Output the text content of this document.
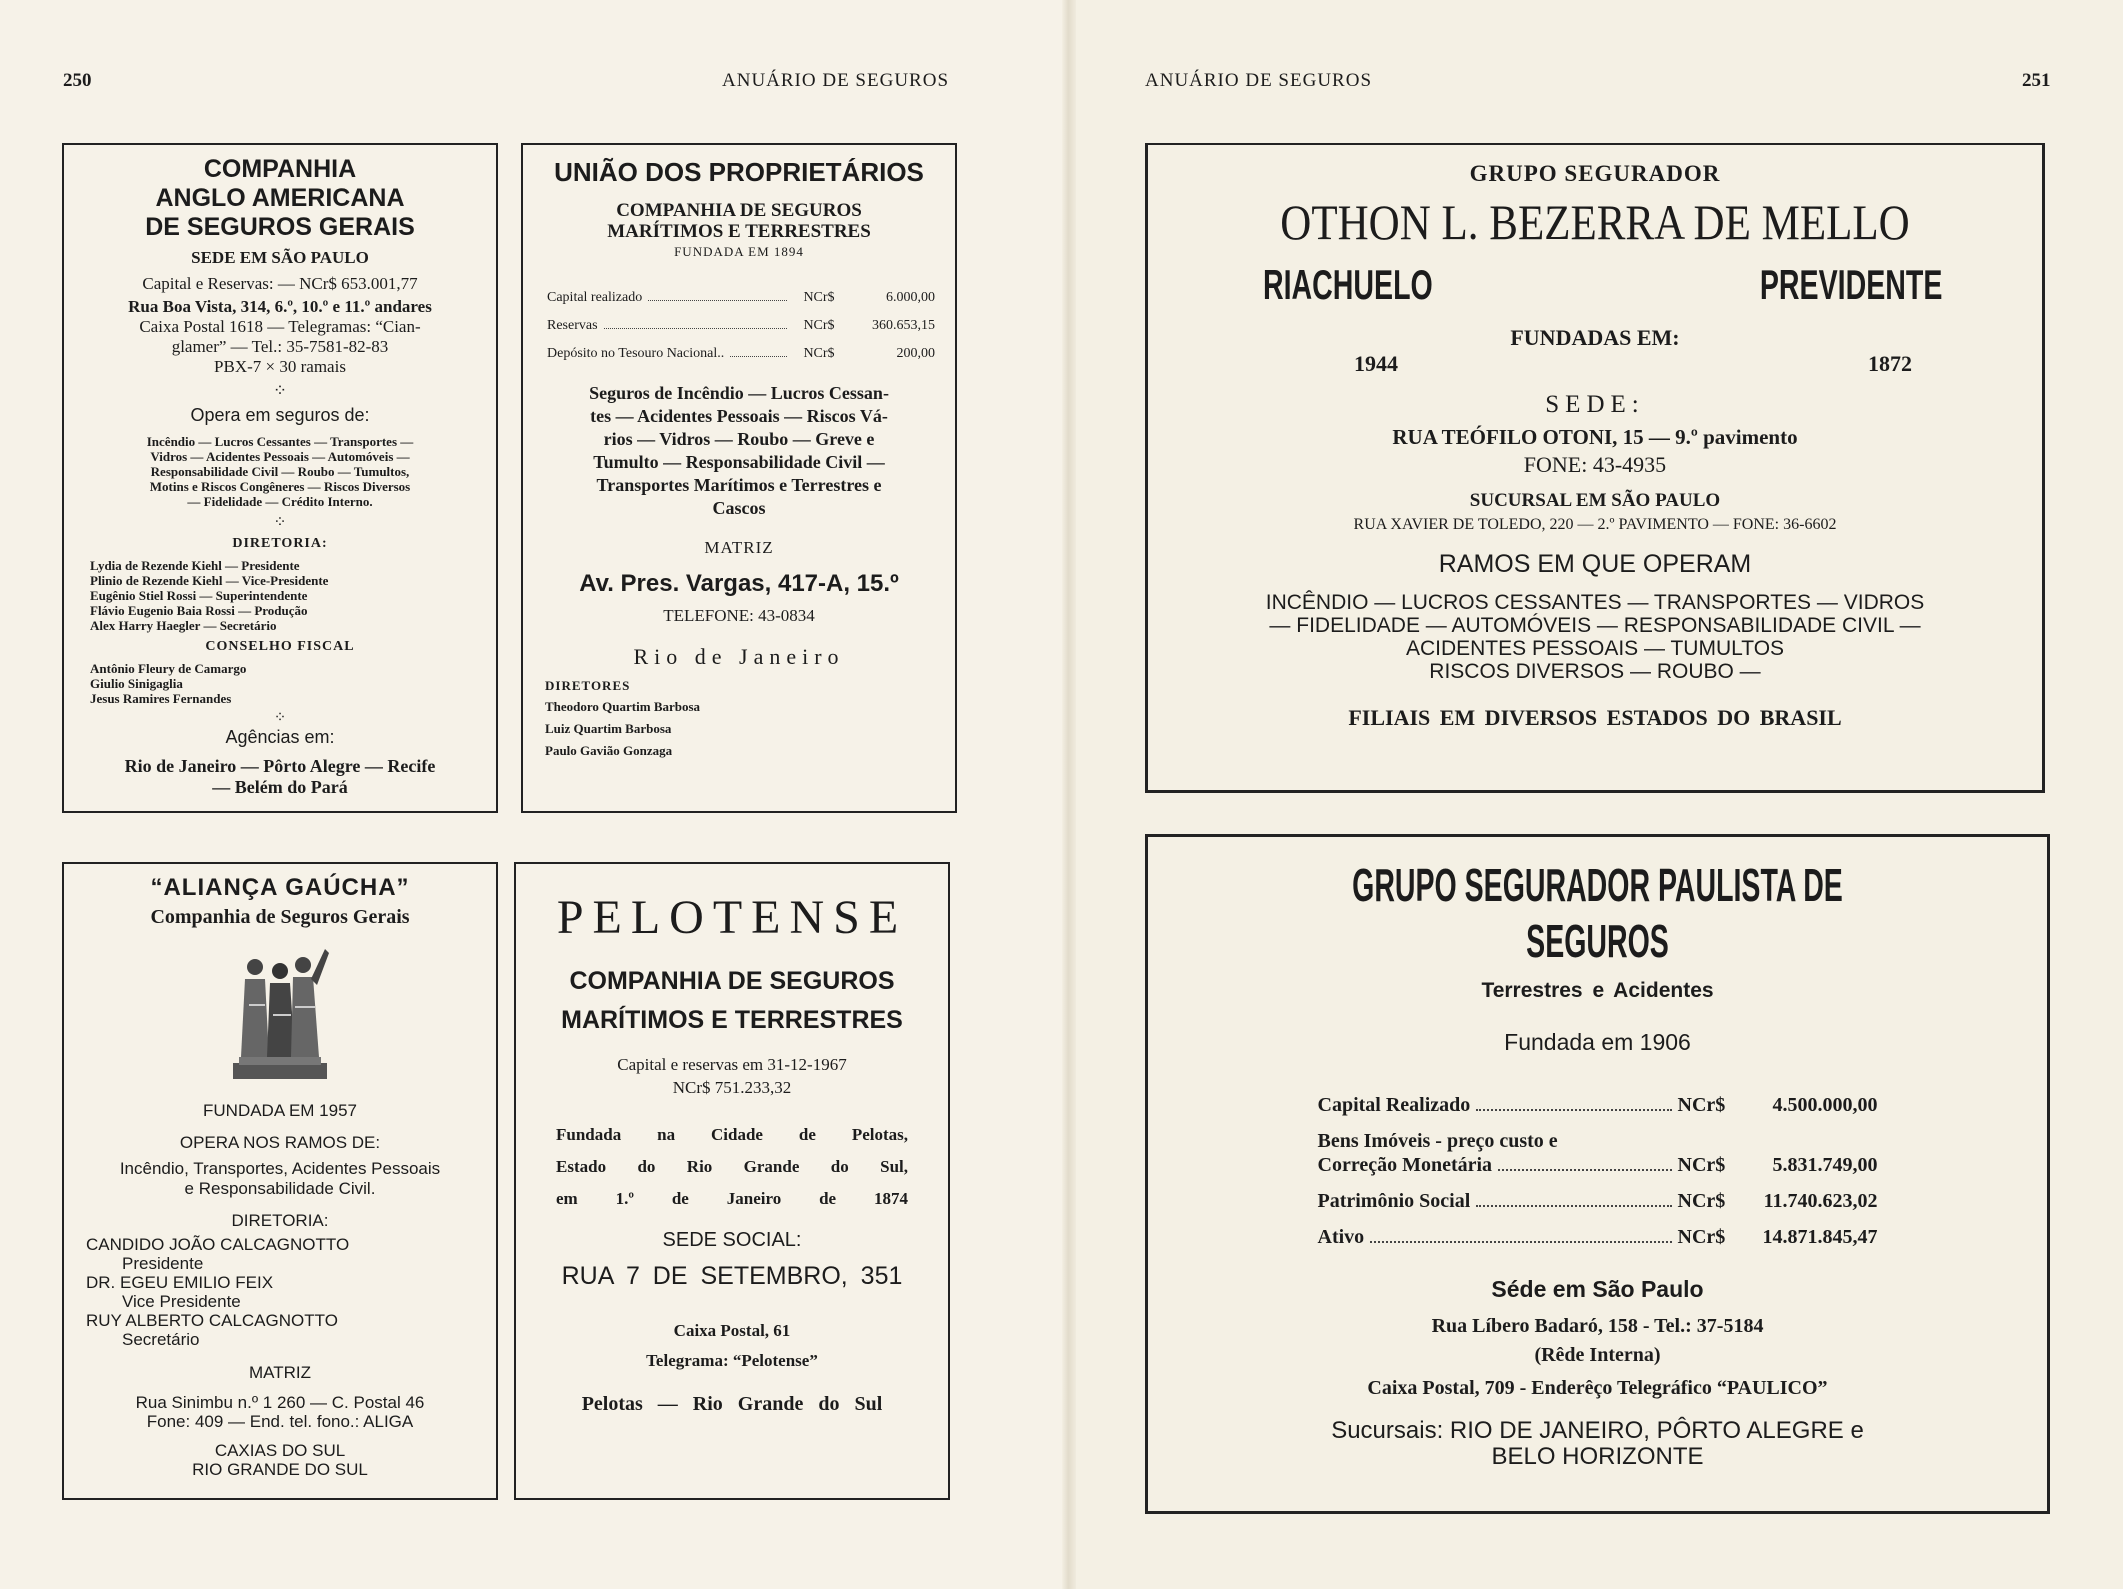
250	ANUÁRIO DE SEGUROS	ANUÁRIO DE SEGUROS	251
COMPANHIA
ANGLO AMERICANA
DE SEGUROS GERAIS
SEDE EM SÃO PAULO
Capital e Reservas: — NCr$ 653.001,77
Rua Boa Vista, 314, 6.º, 10.º e 11.º andares
Caixa Postal 1618 — Telegramas: “Cian-
glamer” — Tel.: 35-7581-82-83
PBX-7 × 30 ramais
⁘
Opera em seguros de:
Incêndio — Lucros Cessantes — Transportes —
Vidros — Acidentes Pessoais — Automóveis —
Responsabilidade Civil — Roubo — Tumultos,
Motins e Riscos Congêneres — Riscos Diversos
— Fidelidade — Crédito Interno.
⁘
DIRETORIA:
Lydia de Rezende Kiehl — Presidente
Plinio de Rezende Kiehl — Vice-Presidente
Eugênio Stiel Rossi — Superintendente
Flávio Eugenio Baia Rossi — Produção
Alex Harry Haegler — Secretário
CONSELHO FISCAL
Antônio Fleury de Camargo
Giulio Sinigaglia
Jesus Ramires Fernandes
⁘
Agências em:
Rio de Janeiro — Pôrto Alegre — Recife
— Belém do Pará
UNIÃO DOS PROPRIETÁRIOS
COMPANHIA DE SEGUROS
MARÍTIMOS E TERRESTRES
FUNDADA EM 1894
Capital realizado	NCr$	6.000,00
Reservas	NCr$	360.653,15
Depósito no Tesouro Nacional..	NCr$	200,00
Seguros de Incêndio — Lucros Cessan-
tes — Acidentes Pessoais — Riscos Vá-
rios — Vidros — Roubo — Greve e
Tumulto — Responsabilidade Civil —
Transportes Marítimos e Terrestres e
Cascos
MATRIZ
Av. Pres. Vargas, 417-A, 15.º
TELEFONE: 43-0834
Rio de Janeiro
DIRETORES
Theodoro Quartim Barbosa
Luiz Quartim Barbosa
Paulo Gavião Gonzaga
“ALIANÇA GAÚCHA”
Companhia de Seguros Gerais
FUNDADA EM 1957
OPERA NOS RAMOS DE:
Incêndio, Transportes, Acidentes Pessoais
e Responsabilidade Civil.
DIRETORIA:
CANDIDO JOÃO CALCAGNOTTO
Presidente
DR. EGEU EMILIO FEIX
Vice Presidente
RUY ALBERTO CALCAGNOTTO
Secretário
MATRIZ
Rua Sinimbu n.º 1 260 — C. Postal 46
Fone: 409 — End. tel. fono.: ALIGA
CAXIAS DO SUL
RIO GRANDE DO SUL
PELOTENSE
COMPANHIA DE SEGUROS
MARÍTIMOS E TERRESTRES
Capital e reservas em 31-12-1967
NCr$ 751.233,32
Fundada na Cidade de Pelotas,
Estado do Rio Grande do Sul,
em 1.º de Janeiro de 1874
SEDE SOCIAL:
RUA 7 DE SETEMBRO, 351
Caixa Postal, 61
Telegrama: “Pelotense”
Pelotas — Rio Grande do Sul
GRUPO SEGURADOR
OTHON L. BEZERRA DE MELLO
RIACHUELO	PREVIDENTE
FUNDADAS EM:
1944	1872
SEDE:
RUA TEÓFILO OTONI, 15 — 9.º pavimento
FONE: 43-4935
SUCURSAL EM SÃO PAULO
RUA XAVIER DE TOLEDO, 220 — 2.º PAVIMENTO — FONE: 36-6602
RAMOS EM QUE OPERAM
INCÊNDIO — LUCROS CESSANTES — TRANSPORTES — VIDROS
— FIDELIDADE — AUTOMÓVEIS — RESPONSABILIDADE CIVIL —
ACIDENTES PESSOAIS — TUMULTOS
RISCOS DIVERSOS — ROUBO —
FILIAIS EM DIVERSOS ESTADOS DO BRASIL
GRUPO SEGURADOR PAULISTA DE SEGUROS
Terrestres e Acidentes
Fundada em 1906
Capital Realizado	NCr$	4.500.000,00
Bens Imóveis - preço custo e
Correção Monetária	NCr$	5.831.749,00
Patrimônio Social	NCr$	11.740.623,02
Ativo	NCr$	14.871.845,47
Séde em São Paulo
Rua Líbero Badaró, 158 - Tel.: 37-5184
(Rêde Interna)
Caixa Postal, 709 - Enderêço Telegráfico “PAULICO”
Sucursais: RIO DE JANEIRO, PÔRTO ALEGRE e
BELO HORIZONTE
